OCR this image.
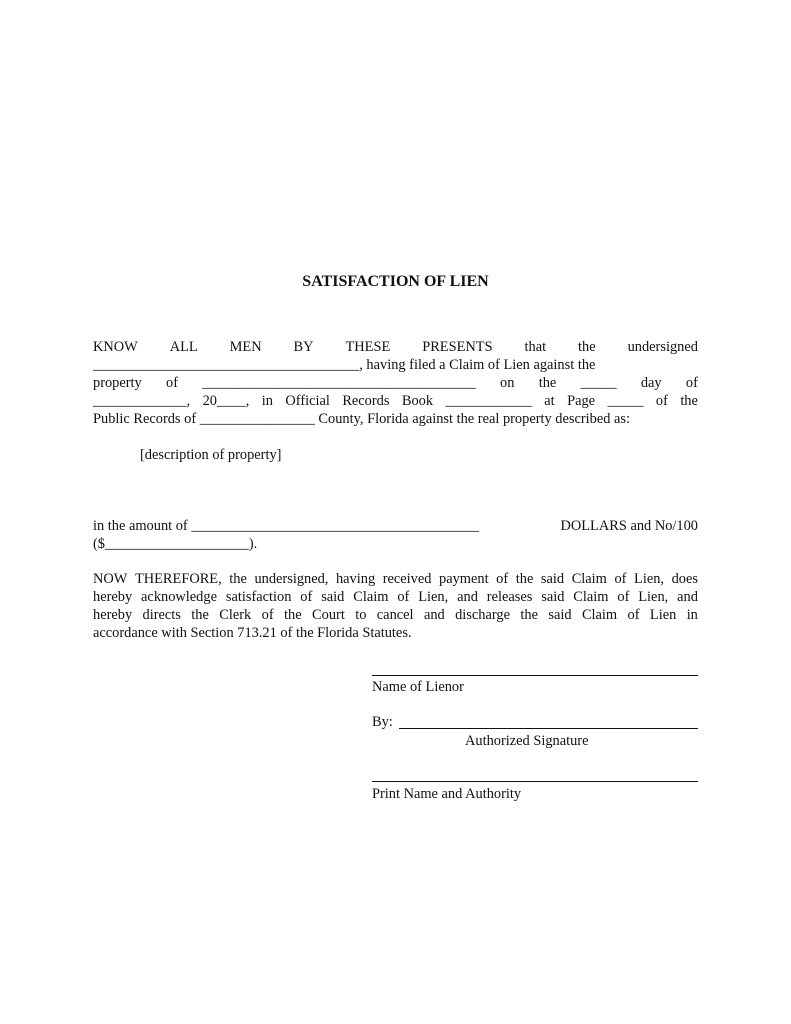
SATISFACTION OF LIEN
KNOW ALL MEN BY THESE PRESENTS that the undersigned
_____________________________________, having filed a Claim of Lien against the
property of ______________________________________ on the _____ day of
_____________, 20____, in Official Records Book ____________ at Page _____ of the
Public Records of ________________ County, Florida against the real property described as:
[description of property]
in the amount of ________________________________________	DOLLARS and No/100
($____________________).
NOW THEREFORE, the undersigned, having received payment of the said Claim of Lien, does
hereby acknowledge satisfaction of said Claim of Lien, and releases said Claim of Lien, and
hereby directs the Clerk of the Court to cancel and discharge the said Claim of Lien in
accordance with Section 713.21 of the Florida Statutes.
Name of Lienor
By:
Authorized Signature
Print Name and Authority
